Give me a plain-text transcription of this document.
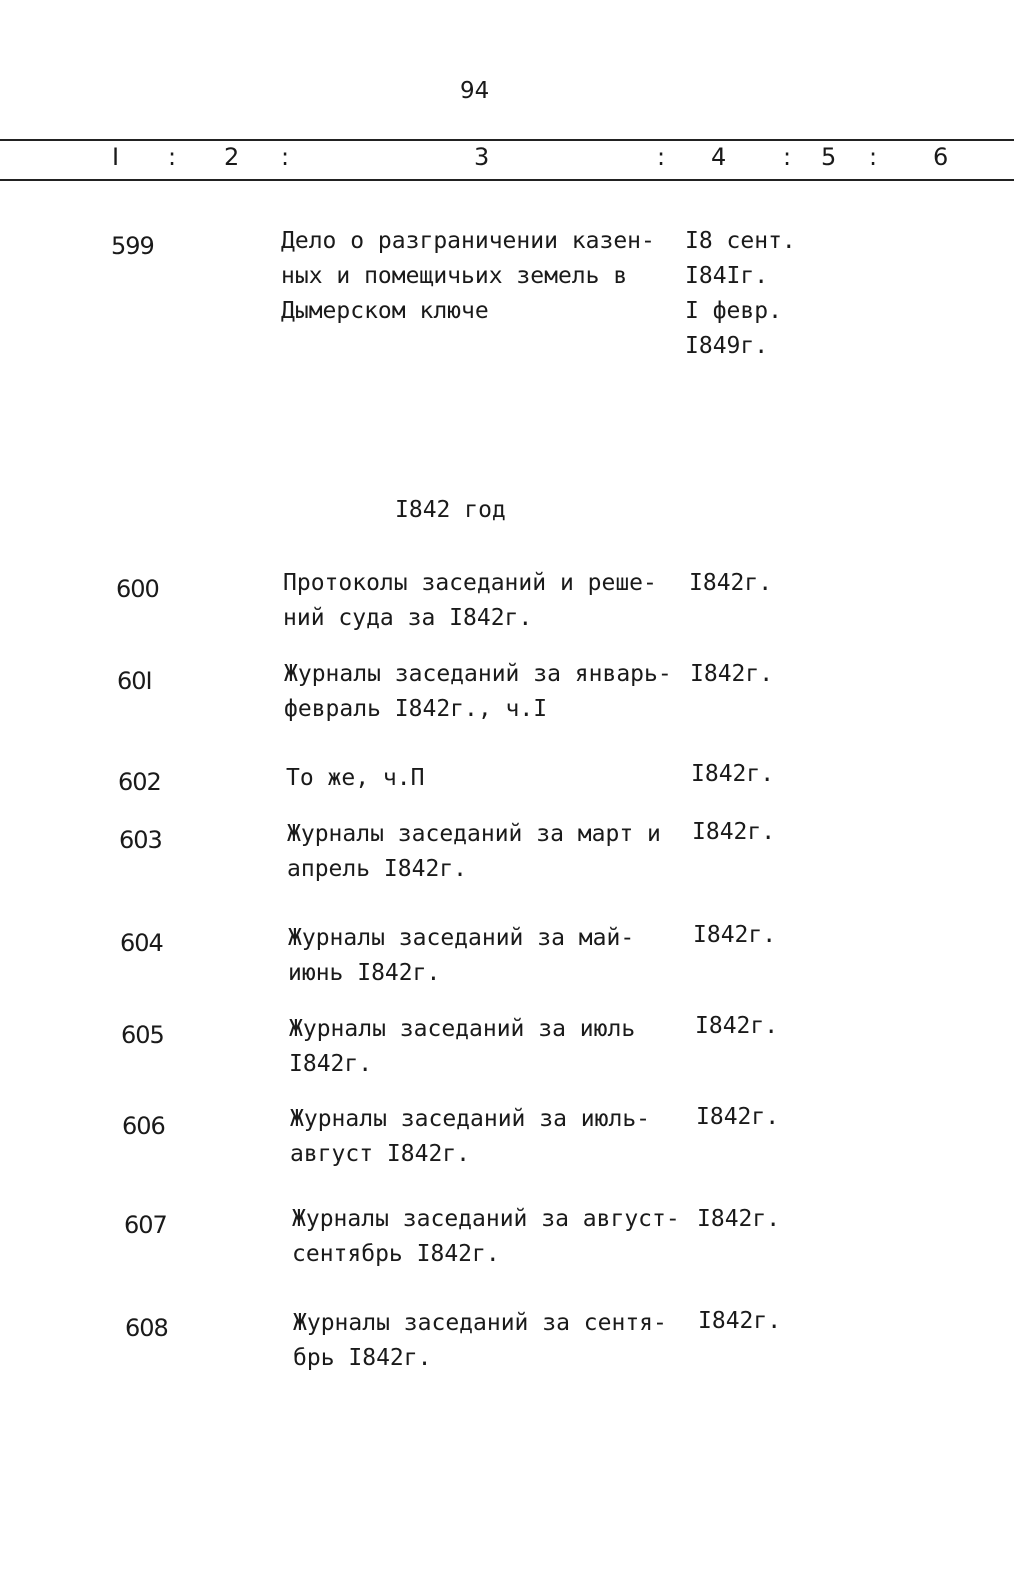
94
I : 2 :	3	: 4 : 5 : 6
599	Дело о разграничении казен-
ных и помещичьих земель в
Дымерском ключе
I8 сент.
I84Iг.
I февр.
I849г.
I842 год
600	Протоколы заседаний и реше-
ний суда за I842г.
I842г.
60I	Журналы заседаний за январь-
февраль I842г., ч.I
I842г.
602	То же, ч.П	I842г.
603	Журналы заседаний за март и
апрель I842г.
I842г.
604	Журналы заседаний за май-
июнь I842г.
I842г.
605	Журналы заседаний за июль
I842г.
I842г.
606	Журналы заседаний за июль-
август I842г.
I842г.
607	Журналы заседаний за август-
сентябрь I842г.
I842г.
608	Журналы заседаний за сентя-
брь I842г.
I842г.
